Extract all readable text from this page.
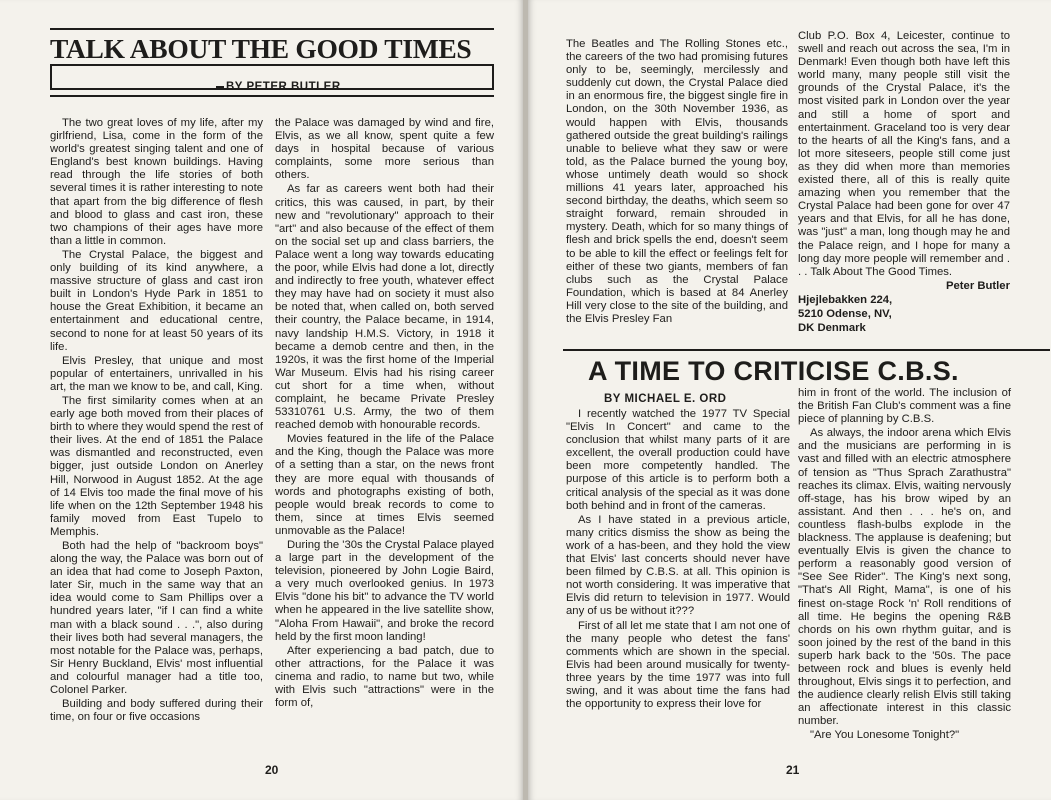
TALK ABOUT THE GOOD TIMES
BY PETER BUTLER

The two great loves of my life, after my girlfriend, Lisa, come in the form of the world's greatest singing talent and one of England's best known buildings. Having read through the life stories of both several times it is rather interesting to note that apart from the big difference of flesh and blood to glass and cast iron, these two champions of their ages have more than a little in common.

The Crystal Palace, the biggest and only building of its kind anywhere, a massive structure of glass and cast iron built in London's Hyde Park in 1851 to house the Great Exhibition, it became an entertainment and educational centre, second to none for at least 50 years of its life.

Elvis Presley, that unique and most popular of entertainers, unrivalled in his art, the man we know to be, and call, King.

The first similarity comes when at an early age both moved from their places of birth to where they would spend the rest of their lives. At the end of 1851 the Palace was dismantled and reconstructed, even bigger, just outside London on Anerley Hill, Norwood in August 1852. At the age of 14 Elvis too made the final move of his life when on the 12th September 1948 his family moved from East Tupelo to Memphis.

Both had the help of "backroom boys" along the way, the Palace was born out of an idea that had come to Joseph Paxton, later Sir, much in the same way that an idea would come to Sam Phillips over a hundred years later, "if I can find a white man with a black sound . . .", also during their lives both had several managers, the most notable for the Palace was, perhaps, Sir Henry Buckland, Elvis' most influential and colourful manager had a title too, Colonel Parker.

Building and body suffered during their time, on four or five occasions

the Palace was damaged by wind and fire, Elvis, as we all know, spent quite a few days in hospital because of various complaints, some more serious than others.

As far as careers went both had their critics, this was caused, in part, by their new and "revolutionary" approach to their "art" and also because of the effect of them on the social set up and class barriers, the Palace went a long way towards educating the poor, while Elvis had done a lot, directly and indirectly to free youth, whatever effect they may have had on society it must also be noted that, when called on, both served their country, the Palace became, in 1914, navy landship H.M.S. Victory, in 1918 it became a demob centre and then, in the 1920s, it was the first home of the Imperial War Museum. Elvis had his rising career cut short for a time when, without complaint, he became Private Presley 53310761 U.S. Army, the two of them reached demob with honourable records.

Movies featured in the life of the Palace and the King, though the Palace was more of a setting than a star, on the news front they are more equal with thousands of words and photographs existing of both, people would break records to come to them, since at times Elvis seemed unmovable as the Palace!

During the '30s the Crystal Palace played a large part in the development of the television, pioneered by John Logie Baird, a very much overlooked genius. In 1973 Elvis "done his bit" to advance the TV world when he appeared in the live satellite show, "Aloha From Hawaii", and broke the record held by the first moon landing!

After experiencing a bad patch, due to other attractions, for the Palace it was cinema and radio, to name but two, while with Elvis such "attractions" were in the form of,

20

The Beatles and The Rolling Stones etc., the careers of the two had promising futures only to be, seemingly, mercilessly and suddenly cut down, the Crystal Palace died in an enormous fire, the biggest single fire in London, on the 30th November 1936, as would happen with Elvis, thousands gathered outside the great building's railings unable to believe what they saw or were told, as the Palace burned the young boy, whose untimely death would so shock millions 41 years later, approached his second birthday, the deaths, which seem so straight forward, remain shrouded in mystery. Death, which for so many things of flesh and brick spells the end, doesn't seem to be able to kill the effect or feelings felt for either of these two giants, members of fan clubs such as the Crystal Palace Foundation, which is based at 84 Anerley Hill very close to the site of the building, and the Elvis Presley Fan

Club P.O. Box 4, Leicester, continue to swell and reach out across the sea, I'm in Denmark! Even though both have left this world many, many people still visit the grounds of the Crystal Palace, it's the most visited park in London over the year and still a home of sport and entertainment. Graceland too is very dear to the hearts of all the King's fans, and a lot more siteseers, people still come just as they did when more than memories existed there, all of this is really quite amazing when you remember that the Crystal Palace had been gone for over 47 years and that Elvis, for all he has done, was "just" a man, long though may he and the Palace reign, and I hope for many a long day more people will remember and . . . Talk About The Good Times.

Peter Butler

Hjejlebakken 224,

5210 Odense, NV,

DK Denmark

A TIME TO CRITICISE C.B.S.
BY MICHAEL E. ORD

I recently watched the 1977 TV Special "Elvis In Concert" and came to the conclusion that whilst many parts of it are excellent, the overall production could have been more competently handled. The purpose of this article is to perform both a critical analysis of the special as it was done both behind and in front of the cameras.

As I have stated in a previous article, many critics dismiss the show as being the work of a has-been, and they hold the view that Elvis' last concerts should never have been filmed by C.B.S. at all. This opinion is not worth considering. It was imperative that Elvis did return to television in 1977. Would any of us be without it???

First of all let me state that I am not one of the many people who detest the fans' comments which are shown in the special. Elvis had been around musically for twenty-three years by the time 1977 was into full swing, and it was about time the fans had the opportunity to express their love for

him in front of the world. The inclusion of the British Fan Club's comment was a fine piece of planning by C.B.S.

As always, the indoor arena which Elvis and the musicians are performing in is vast and filled with an electric atmosphere of tension as "Thus Sprach Zarathustra" reaches its climax. Elvis, waiting nervously off-stage, has his brow wiped by an assistant. And then . . . he's on, and countless flash-bulbs explode in the blackness. The applause is deafening; but eventually Elvis is given the chance to perform a reasonably good version of "See See Rider". The King's next song, "That's All Right, Mama", is one of his finest on-stage Rock 'n' Roll renditions of all time. He begins the opening R&B chords on his own rhythm guitar, and is soon joined by the rest of the band in this superb hark back to the '50s. The pace between rock and blues is evenly held throughout, Elvis sings it to perfection, and the audience clearly relish Elvis still taking an affectionate interest in this classic number.

"Are You Lonesome Tonight?"

21
